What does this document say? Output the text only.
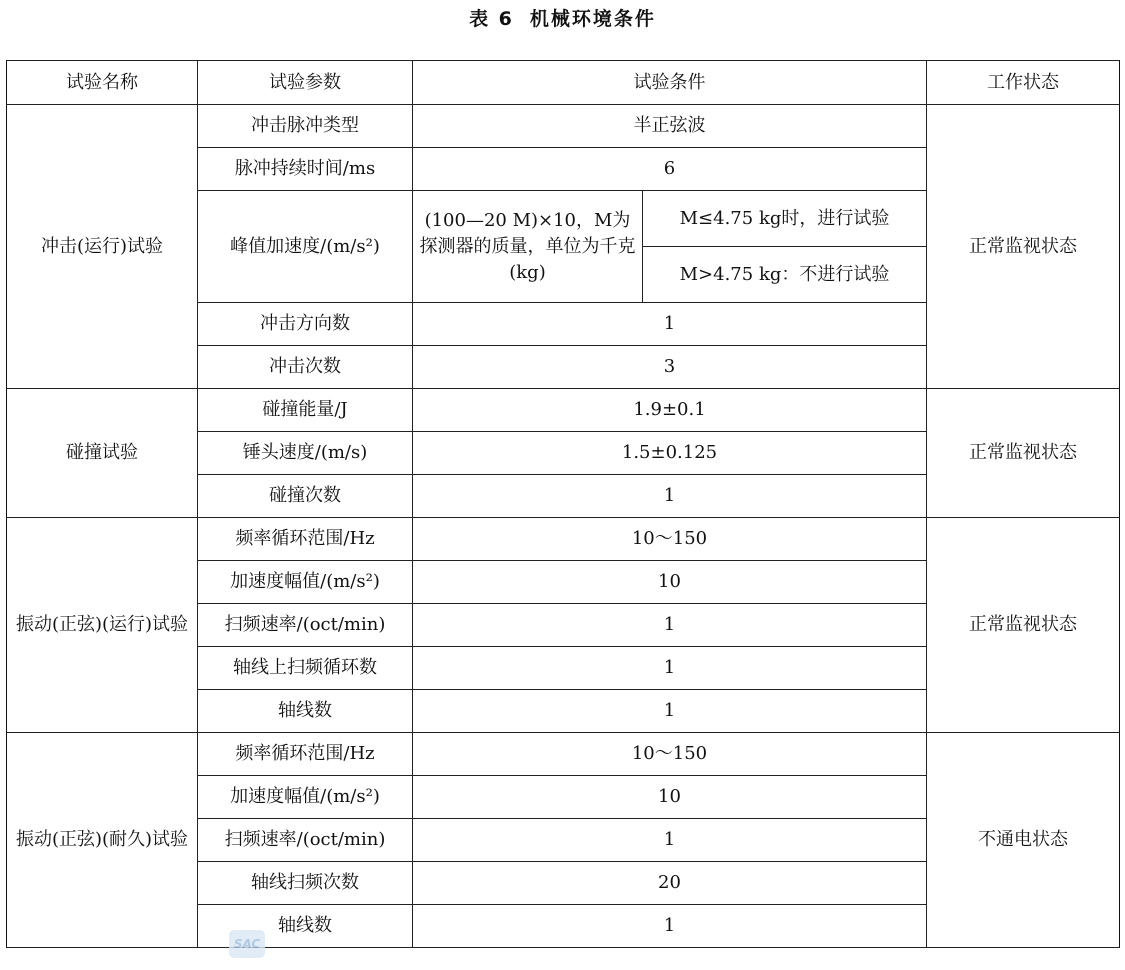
表 6 机械环境条件
试验名称	试验参数	试验条件		工作状态
冲击(运行)试验	冲击脉冲类型	半正弦波		正常监视状态
	脉冲持续时间/ms	6		
	峰值加速度/(m/s²)	(100—20 M)×10，M为探测器的质量，单位为千克(kg)	M≤4.75 kg时，进行试验	
			M>4.75 kg：不进行试验	
	冲击方向数	1		
	冲击次数	3		
碰撞试验	碰撞能量/J	1.9±0.1		正常监视状态
	锤头速度/(m/s)	1.5±0.125		
	碰撞次数	1		
振动(正弦)(运行)试验	频率循环范围/Hz	10～150		正常监视状态
	加速度幅值/(m/s²)	10		
	扫频速率/(oct/min)	1		
	轴线上扫频循环数	1		
	轴线数	1		
振动(正弦)(耐久)试验	频率循环范围/Hz	10～150		不通电状态
	加速度幅值/(m/s²)	10		
	扫频速率/(oct/min)	1		
	轴线扫频次数	20		
	轴线数	1		
SAC
